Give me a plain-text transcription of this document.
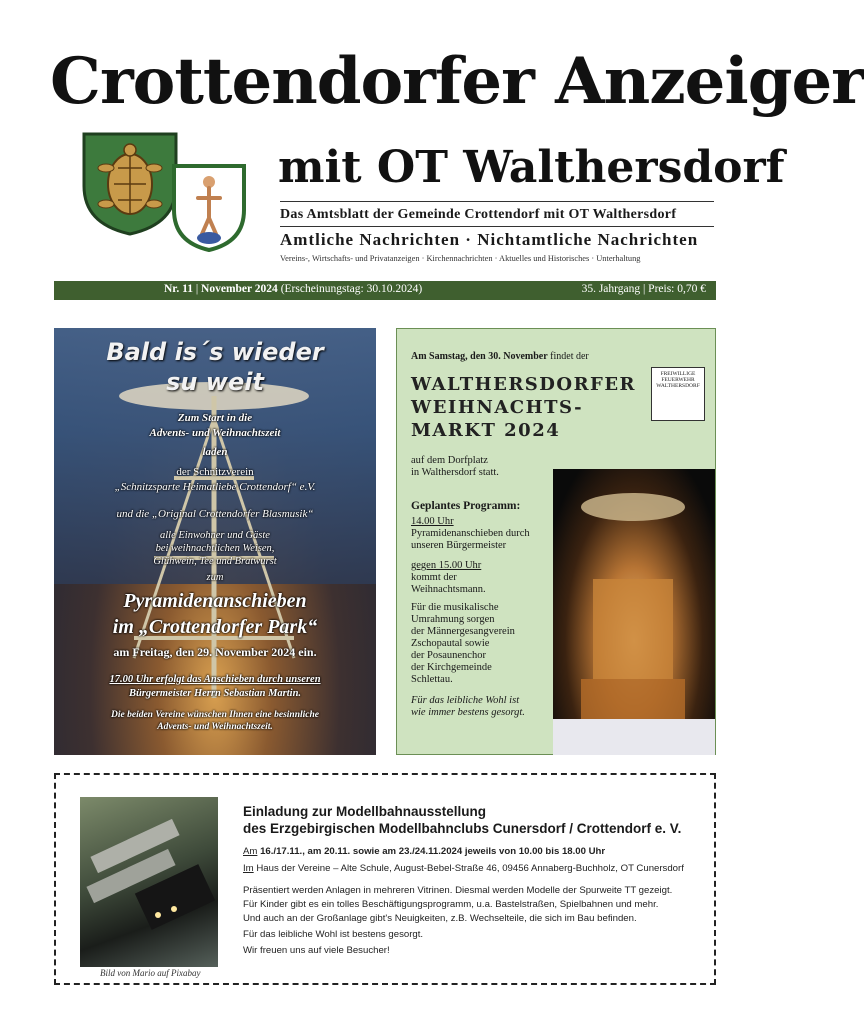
Crottendorfer Anzeiger
mit OT Walthersdorf
Das Amtsblatt der Gemeinde Crottendorf mit OT Walthersdorf
Amtliche Nachrichten · Nichtamtliche Nachrichten
Vereins-, Wirtschafts- und Privatanzeigen · Kirchennachrichten · Aktuelles und Historisches · Unterhaltung
Nr. 11 | November 2024 (Erscheinungstag: 30.10.2024)	35. Jahrgang | Preis: 0,70 €
Bald is´s wieder
su weit
Zum Start in die
Advents- und Weihnachtszeit
laden
der Schnitzverein
„Schnitzsparte Heimatliebe Crottendorf“ e.V.
und die „Original Crottendorfer Blasmusik“
alle Einwohner und Gäste
bei weihnachtlichen Weisen,
Glühwein, Tee und Bratwurst
zum
Pyramidenanschieben
im „Crottendorfer Park“
am Freitag, den 29. November 2024 ein.
17.00 Uhr erfolgt das Anschieben durch unseren
Bürgermeister Herrn Sebastian Martin.
Die beiden Vereine wünschen Ihnen eine besinnliche
Advents- und Weihnachtszeit.
Am Samstag, den 30. November findet der
FREIWILLIGE FEUERWEHR WALTHERSDORF
WALTHERSDORFER
WEIHNACHTS-
MARKT 2024
auf dem Dorfplatz
in Walthersdorf statt.
Geplantes Programm:
14.00 Uhr
Pyramidenanschieben durch
unseren Bürgermeister
gegen 15.00 Uhr
kommt der
Weihnachtsmann.
Für die musikalische
Umrahmung sorgen
der Männergesangverein
Zschopautal sowie
der Posaunenchor
der Kirchgemeinde
Schlettau.
Für das leibliche Wohl ist
wie immer bestens gesorgt.
Bild von Mario auf Pixabay
Einladung zur Modellbahnausstellung
des Erzgebirgischen Modellbahnclubs Cunersdorf / Crottendorf e. V.
Am 16./17.11., am 20.11. sowie am 23./24.11.2024 jeweils von 10.00 bis 18.00 Uhr
Im Haus der Vereine – Alte Schule, August-Bebel-Straße 46, 09456 Annaberg-Buchholz, OT Cunersdorf
Präsentiert werden Anlagen in mehreren Vitrinen. Diesmal werden Modelle der Spurweite TT gezeigt.
Für Kinder gibt es ein tolles Beschäftigungsprogramm, u.a. Bastelstraßen, Spielbahnen und mehr.
Und auch an der Großanlage gibt's Neuigkeiten, z.B. Wechselteile, die sich im Bau befinden.
Für das leibliche Wohl ist bestens gesorgt.
Wir freuen uns auf viele Besucher!
